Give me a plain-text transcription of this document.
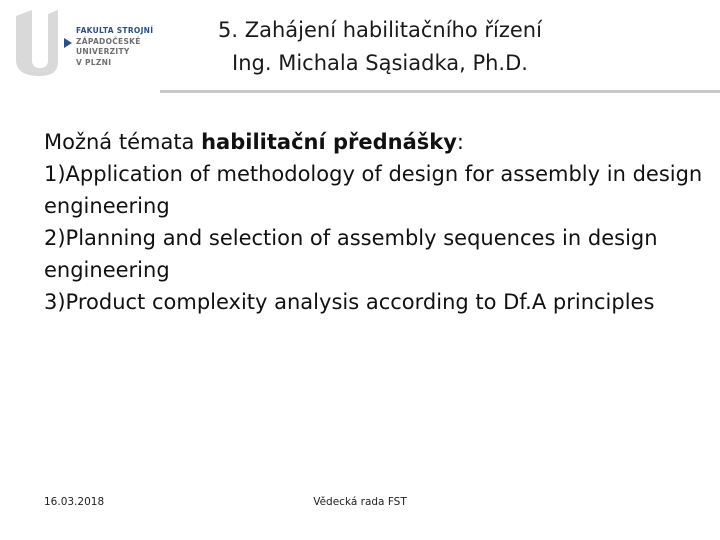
FAKULTA STROJNÍ
ZÁPADOČESKÉ
UNIVERZITY
V PLZNI
5. Zahájení habilitačního řízení
Ing. Michala Sąsiadka, Ph.D.

Možná témata habilitační přednášky:

1)Application of methodology of design for assembly in design engineering

2)Planning and selection of assembly sequences in design engineering

3)Product complexity analysis according to Df.A principles

16.03.2018	Vědecká rada FST
